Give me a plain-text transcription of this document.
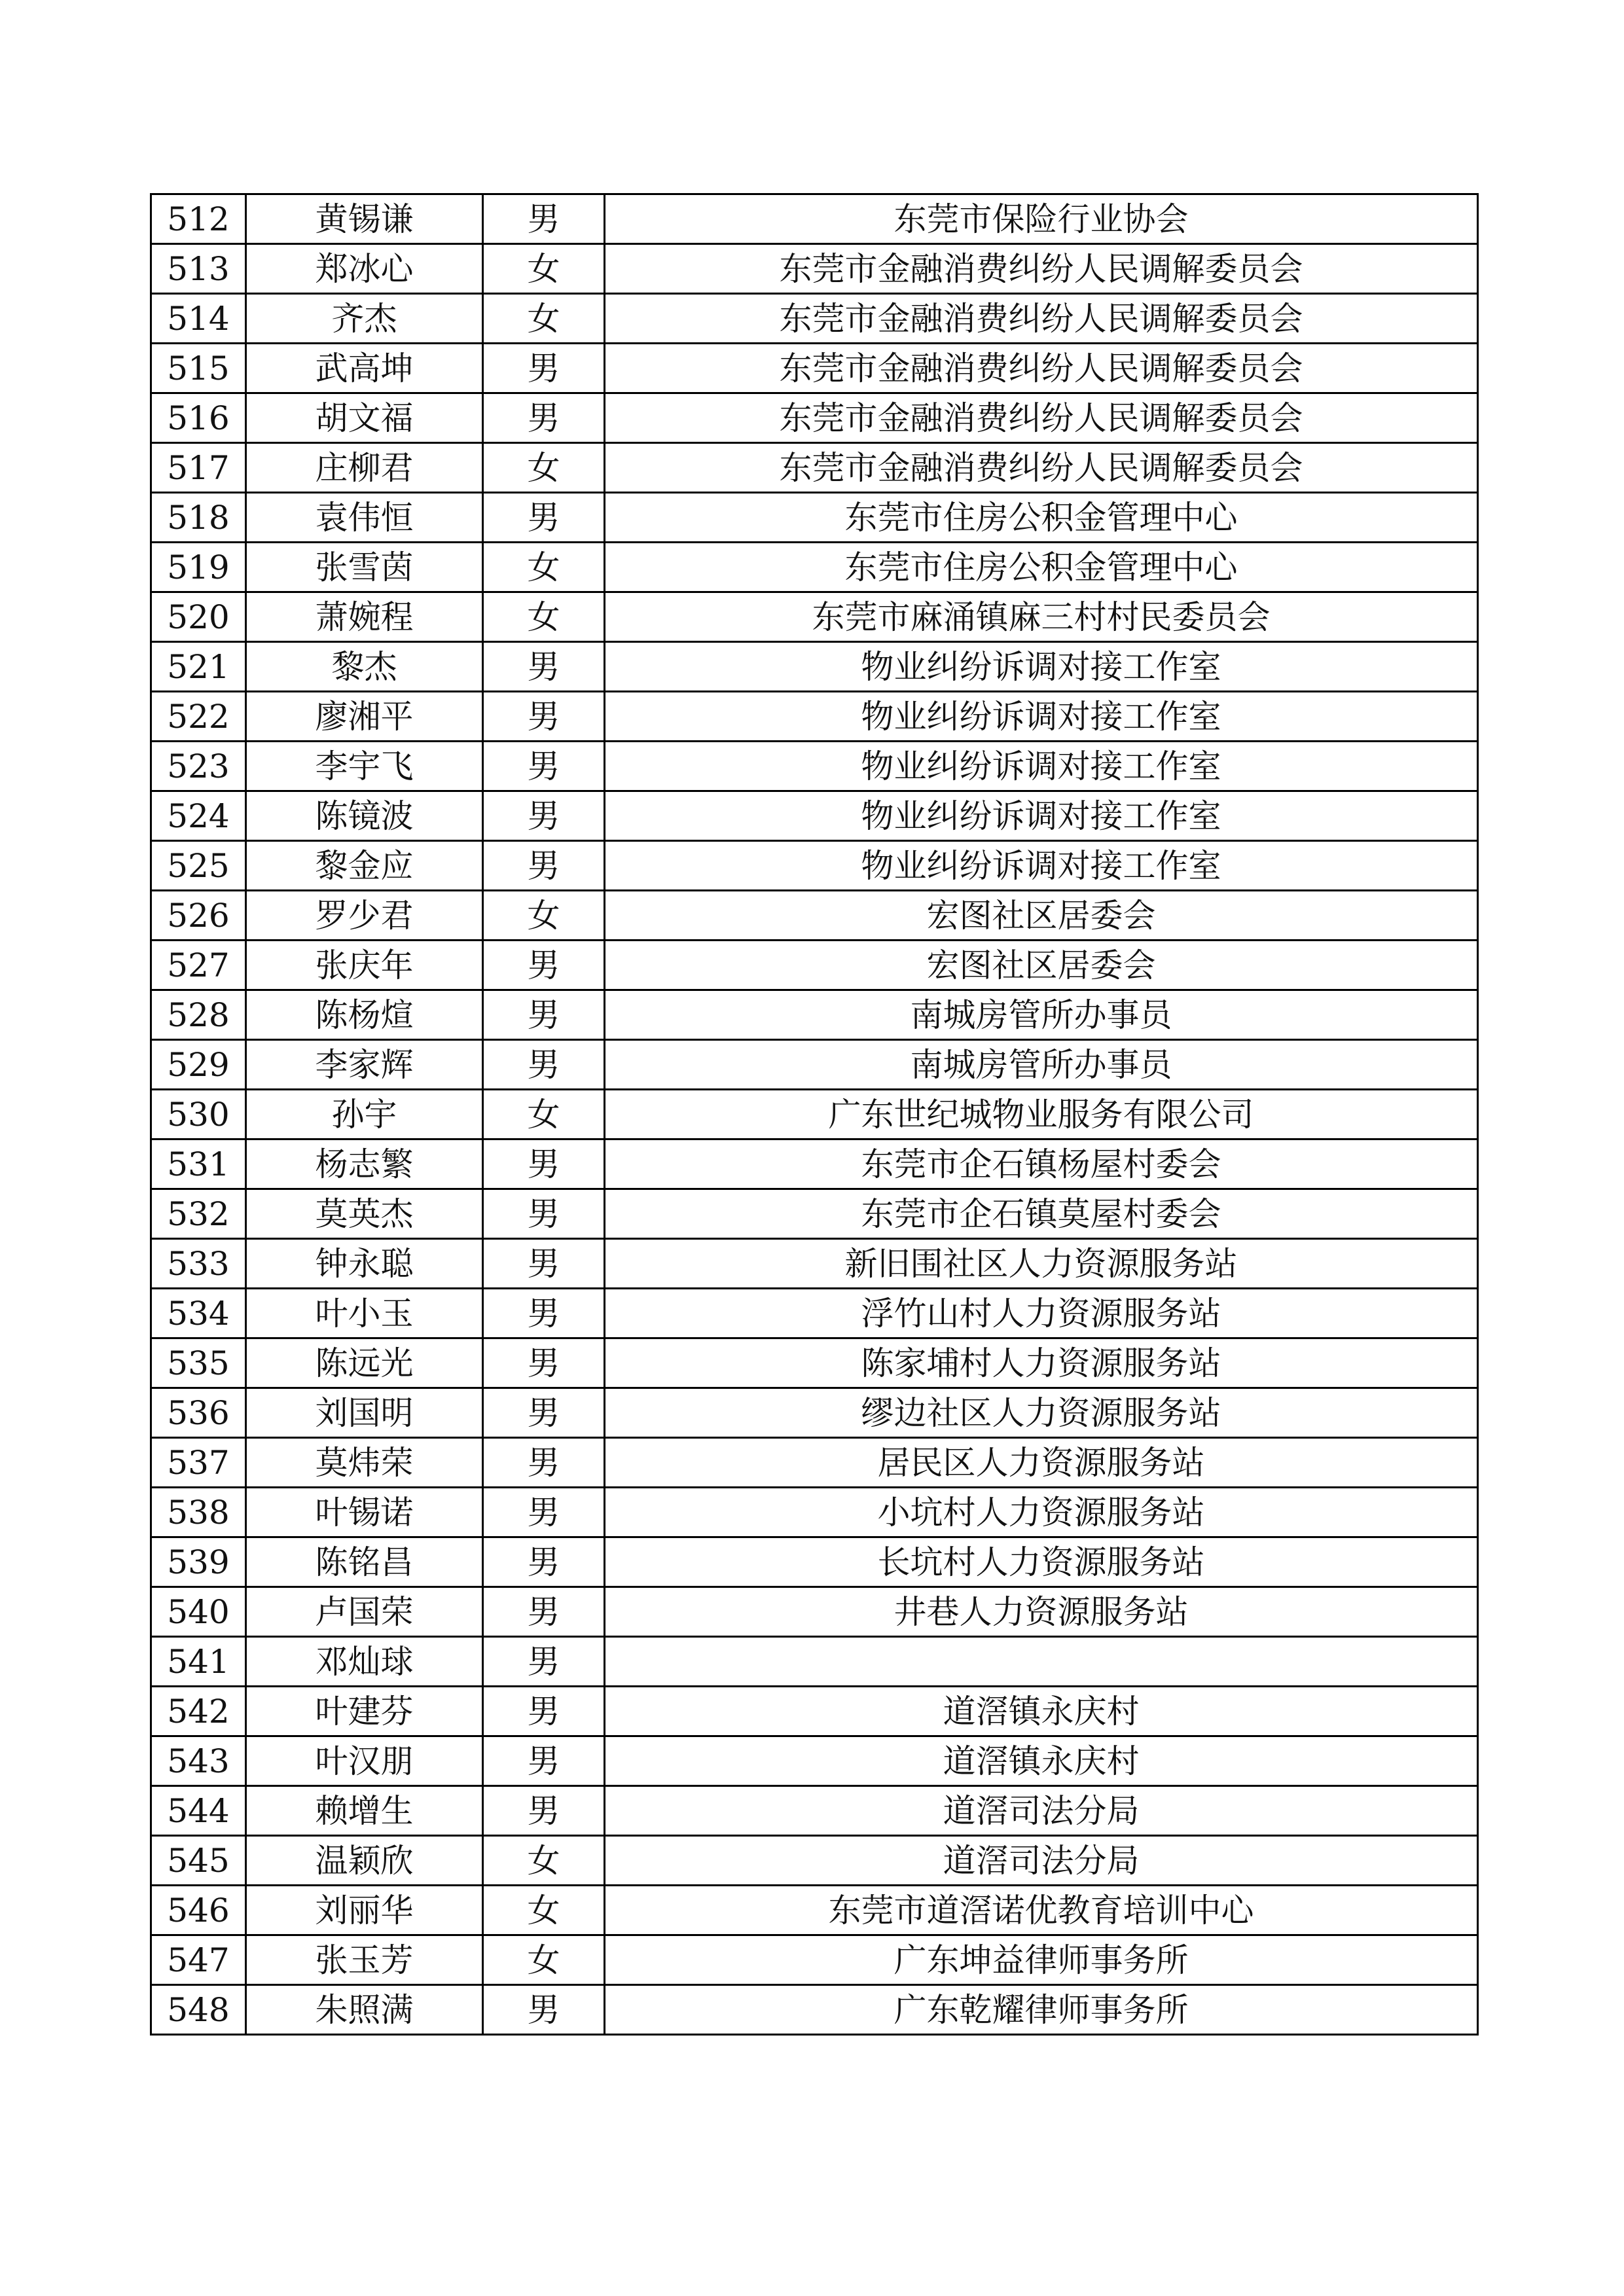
512	黄锡谦	男	东莞市保险行业协会
513	郑冰心	女	东莞市金融消费纠纷人民调解委员会
514	齐杰	女	东莞市金融消费纠纷人民调解委员会
515	武高坤	男	东莞市金融消费纠纷人民调解委员会
516	胡文福	男	东莞市金融消费纠纷人民调解委员会
517	庄柳君	女	东莞市金融消费纠纷人民调解委员会
518	袁伟恒	男	东莞市住房公积金管理中心
519	张雪茵	女	东莞市住房公积金管理中心
520	萧婉程	女	东莞市麻涌镇麻三村村民委员会
521	黎杰	男	物业纠纷诉调对接工作室
522	廖湘平	男	物业纠纷诉调对接工作室
523	李宇飞	男	物业纠纷诉调对接工作室
524	陈镜波	男	物业纠纷诉调对接工作室
525	黎金应	男	物业纠纷诉调对接工作室
526	罗少君	女	宏图社区居委会
527	张庆年	男	宏图社区居委会
528	陈杨煊	男	南城房管所办事员
529	李家辉	男	南城房管所办事员
530	孙宇	女	广东世纪城物业服务有限公司
531	杨志繁	男	东莞市企石镇杨屋村委会
532	莫英杰	男	东莞市企石镇莫屋村委会
533	钟永聪	男	新旧围社区人力资源服务站
534	叶小玉	男	浮竹山村人力资源服务站
535	陈远光	男	陈家埔村人力资源服务站
536	刘国明	男	缪边社区人力资源服务站
537	莫炜荣	男	居民区人力资源服务站
538	叶锡诺	男	小坑村人力资源服务站
539	陈铭昌	男	长坑村人力资源服务站
540	卢国荣	男	井巷人力资源服务站
541	邓灿球	男	
542	叶建芬	男	道滘镇永庆村
543	叶汉朋	男	道滘镇永庆村
544	赖增生	男	道滘司法分局
545	温颖欣	女	道滘司法分局
546	刘丽华	女	东莞市道滘诺优教育培训中心
547	张玉芳	女	广东坤益律师事务所
548	朱照满	男	广东乾耀律师事务所
